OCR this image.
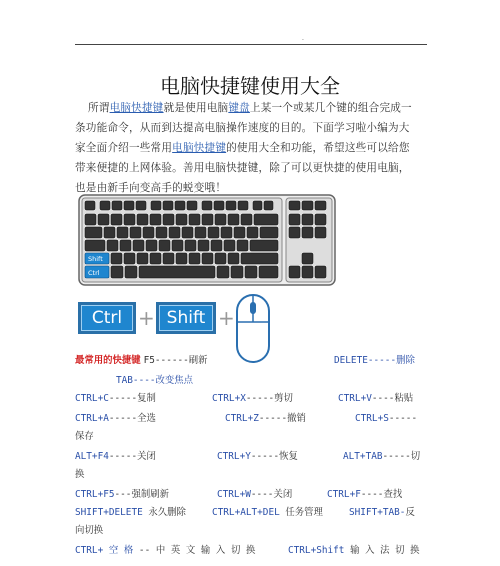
.
电脑快捷键使用大全
所谓电脑快捷键就是使用电脑键盘上某一个或某几个键的组合完成一条功能命令，从而到达提高电脑操作速度的目的。下面学习啦小编为大家全面介绍一些常用电脑快捷键的使用大全和功能，希望这些可以给您带来便捷的上网体验。善用电脑快捷键，除了可以更快捷的使用电脑，也是由新手向变高手的蜕变哦！
Shift
Ctrl
Ctrl + Shift +
最常用的快捷键 F5------刷新	DELETE-----删除
TAB----改变焦点
CTRL+C-----复制	CTRL+X-----剪切	CTRL+V----粘贴
CTRL+A-----全选	CTRL+Z-----撤销	CTRL+S-----
保存
ALT+F4-----关闭	CTRL+Y-----恢复	ALT+TAB-----切
换
CTRL+F5---强制刷新	CTRL+W----关闭	CTRL+F----查找
SHIFT+DELETE 永久删除	CTRL+ALT+DEL 任务管理	SHIFT+TAB-反
向切换
CTRL+ 空 格 -- 中 英 文 输 入 切 换	CTRL+Shift 输 入 法 切 换
